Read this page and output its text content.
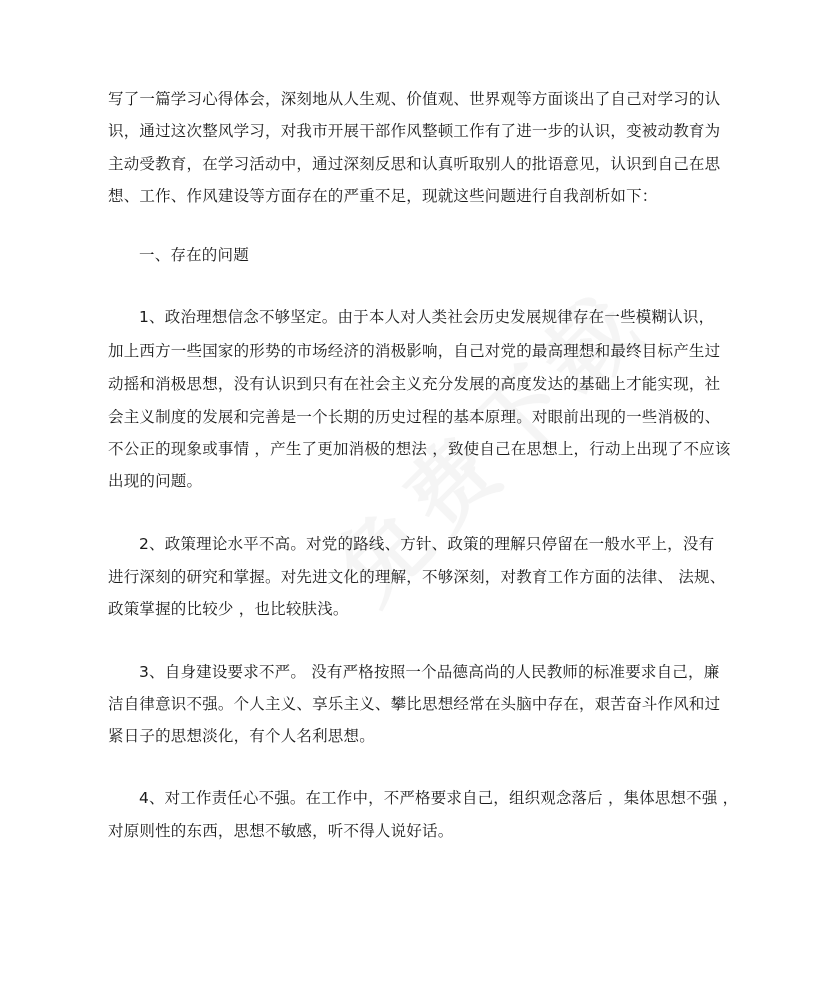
写了一篇学习心得体会，深刻地从人生观、价值观、世界观等方面谈出了自己对学习的认
识，通过这次整风学习，对我市开展干部作风整顿工作有了进一步的认识，变被动教育为
主动受教育，在学习活动中，通过深刻反思和认真听取别人的批语意见，认识到自己在思
想、工作、作风建设等方面存在的严重不足，现就这些问题进行自我剖析如下：
一、存在的问题
1、政治理想信念不够坚定。由于本人对人类社会历史发展规律存在一些模糊认识，
加上西方一些国家的形势的市场经济的消极影响，自己对党的最高理想和最终目标产生过
动摇和消极思想，没有认识到只有在社会主义充分发展的高度发达的基础上才能实现，社
会主义制度的发展和完善是一个长期的历史过程的基本原理。对眼前出现的一些消极的、
不公正的现象或事情 ，产生了更加消极的想法 ，致使自己在思想上，行动上出现了不应该
出现的问题。
2、政策理论水平不高。对党的路线、方针、政策的理解只停留在一般水平上，没有
进行深刻的研究和掌握。对先进文化的理解，不够深刻，对教育工作方面的法律、 法规、
政策掌握的比较少 ，也比较肤浅。
3、自身建设要求不严。 没有严格按照一个品德高尚的人民教师的标准要求自己，廉
洁自律意识不强。个人主义、享乐主义、攀比思想经常在头脑中存在，艰苦奋斗作风和过
紧日子的思想淡化，有个人名利思想。
4、对工作责任心不强。在工作中，不严格要求自己，组织观念落后 ，集体思想不强 ，
对原则性的东西，思想不敏感，听不得人说好话。
